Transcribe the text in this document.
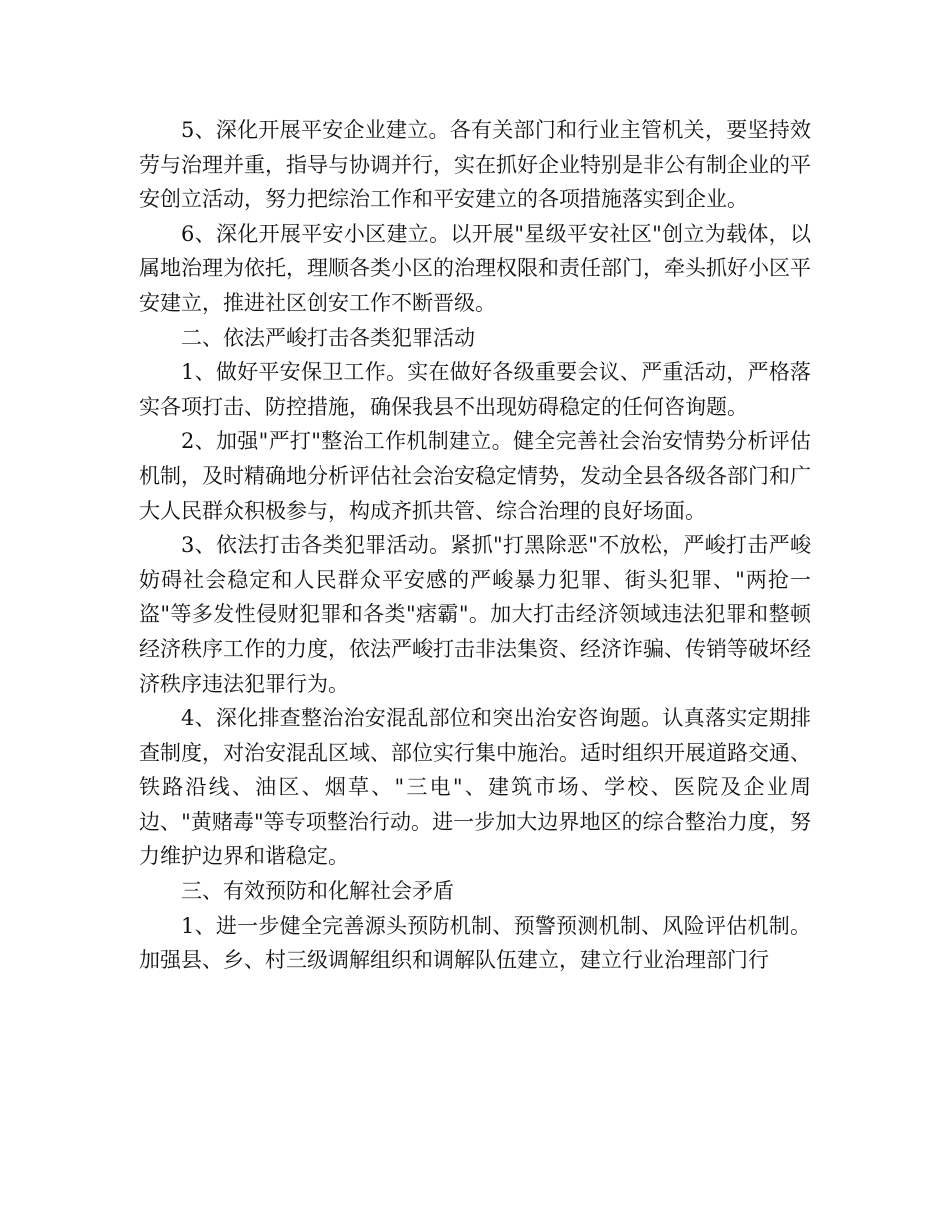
5、深化开展平安企业建立。各有关部门和行业主管机关，要坚持效劳与治理并重，指导与协调并行，实在抓好企业特别是非公有制企业的平安创立活动，努力把综治工作和平安建立的各项措施落实到企业。

6、深化开展平安小区建立。以开展"星级平安社区"创立为载体，以属地治理为依托，理顺各类小区的治理权限和责任部门，牵头抓好小区平安建立，推进社区创安工作不断晋级。

二、依法严峻打击各类犯罪活动

1、做好平安保卫工作。实在做好各级重要会议、严重活动，严格落实各项打击、防控措施，确保我县不出现妨碍稳定的任何咨询题。

2、加强"严打"整治工作机制建立。健全完善社会治安情势分析评估机制，及时精确地分析评估社会治安稳定情势，发动全县各级各部门和广大人民群众积极参与，构成齐抓共管、综合治理的良好场面。

3、依法打击各类犯罪活动。紧抓"打黑除恶"不放松，严峻打击严峻妨碍社会稳定和人民群众平安感的严峻暴力犯罪、街头犯罪、"两抢一盗"等多发性侵财犯罪和各类"痞霸"。加大打击经济领域违法犯罪和整顿经济秩序工作的力度，依法严峻打击非法集资、经济诈骗、传销等破坏经济秩序违法犯罪行为。

4、深化排查整治治安混乱部位和突出治安咨询题。认真落实定期排查制度，对治安混乱区域、部位实行集中施治。适时组织开展道路交通、铁路沿线、油区、烟草、"三电"、建筑市场、学校、医院及企业周边、"黄赌毒"等专项整治行动。进一步加大边界地区的综合整治力度，努力维护边界和谐稳定。

三、有效预防和化解社会矛盾

1、进一步健全完善源头预防机制、预警预测机制、风险评估机制。加强县、乡、村三级调解组织和调解队伍建立，建立行业治理部门行
